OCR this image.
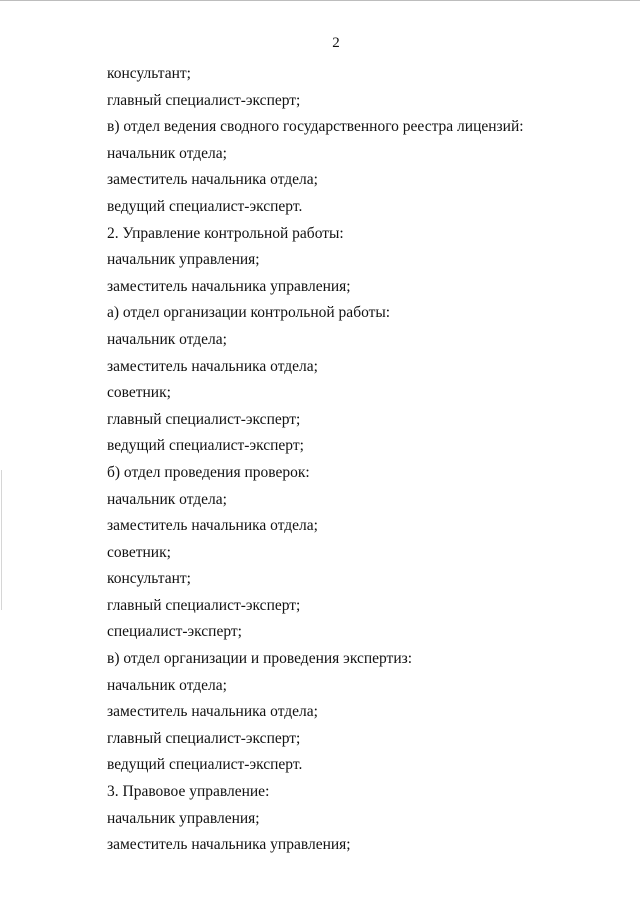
2
консультант;
главный специалист-эксперт;
в) отдел ведения сводного государственного реестра лицензий:
начальник отдела;
заместитель начальника отдела;
ведущий специалист-эксперт.
2. Управление контрольной работы:
начальник управления;
заместитель начальника управления;
а) отдел организации контрольной работы:
начальник отдела;
заместитель начальника отдела;
советник;
главный специалист-эксперт;
ведущий специалист-эксперт;
б) отдел проведения проверок:
начальник отдела;
заместитель начальника отдела;
советник;
консультант;
главный специалист-эксперт;
специалист-эксперт;
в) отдел организации и проведения экспертиз:
начальник отдела;
заместитель начальника отдела;
главный специалист-эксперт;
ведущий специалист-эксперт.
3. Правовое управление:
начальник управления;
заместитель начальника управления;
